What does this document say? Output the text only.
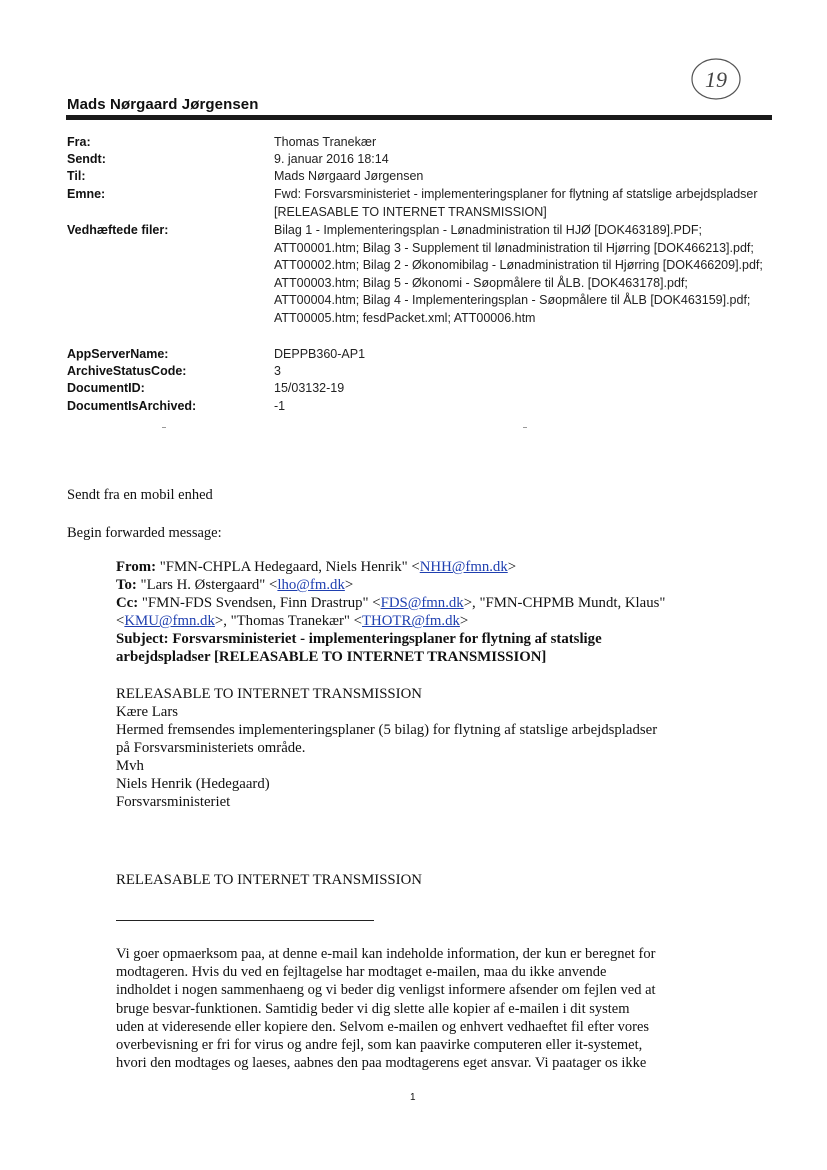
19
Mads Nørgaard Jørgensen
Fra:	Thomas Tranekær
Sendt:	9. januar 2016 18:14
Til:	Mads Nørgaard Jørgensen
Emne:	Fwd: Forsvarsministeriet - implementeringsplaner for flytning af statslige arbejdspladser [RELEASABLE TO INTERNET TRANSMISSION]
Vedhæftede filer:	Bilag 1 - Implementeringsplan - Lønadministration til HJØ [DOK463189].PDF; ATT00001.htm; Bilag 3 - Supplement til lønadministration til Hjørring [DOK466213].pdf; ATT00002.htm; Bilag 2 - Økonomibilag - Lønadministration til Hjørring [DOK466209].pdf; ATT00003.htm; Bilag 5 - Økonomi - Søopmålere til ÅLB. [DOK463178].pdf; ATT00004.htm; Bilag 4 - Implementeringsplan - Søopmålere til ÅLB [DOK463159].pdf; ATT00005.htm; fesdPacket.xml; ATT00006.htm
AppServerName:	DEPPB360-AP1
ArchiveStatusCode:	3
DocumentID:	15/03132-19
DocumentIsArchived:	-1
Sendt fra en mobil enhed
Begin forwarded message:
From: "FMN-CHPLA Hedegaard, Niels Henrik" <NHH@fmn.dk>
To: "Lars H. Østergaard" <lho@fm.dk>
Cc: "FMN-FDS Svendsen, Finn Drastrup" <FDS@fmn.dk>, "FMN-CHPMB Mundt, Klaus"
<KMU@fmn.dk>, "Thomas Tranekær" <THOTR@fm.dk>
Subject: Forsvarsministeriet - implementeringsplaner for flytning af statslige
arbejdspladser [RELEASABLE TO INTERNET TRANSMISSION]
RELEASABLE TO INTERNET TRANSMISSION
Kære Lars
Hermed fremsendes implementeringsplaner (5 bilag) for flytning af statslige arbejdspladser
på Forsvarsministeriets område.
Mvh
Niels Henrik (Hedegaard)
Forsvarsministeriet
RELEASABLE TO INTERNET TRANSMISSION
Vi goer opmaerksom paa, at denne e-mail kan indeholde information, der kun er beregnet for
modtageren. Hvis du ved en fejltagelse har modtaget e-mailen, maa du ikke anvende
indholdet i nogen sammenhaeng og vi beder dig venligst informere afsender om fejlen ved at
bruge besvar-funktionen. Samtidig beder vi dig slette alle kopier af e-mailen i dit system
uden at videresende eller kopiere den. Selvom e-mailen og enhvert vedhaeftet fil efter vores
overbevisning er fri for virus og andre fejl, som kan paavirke computeren eller it-systemet,
hvori den modtages og laeses, aabnes den paa modtagerens eget ansvar. Vi paatager os ikke
1
